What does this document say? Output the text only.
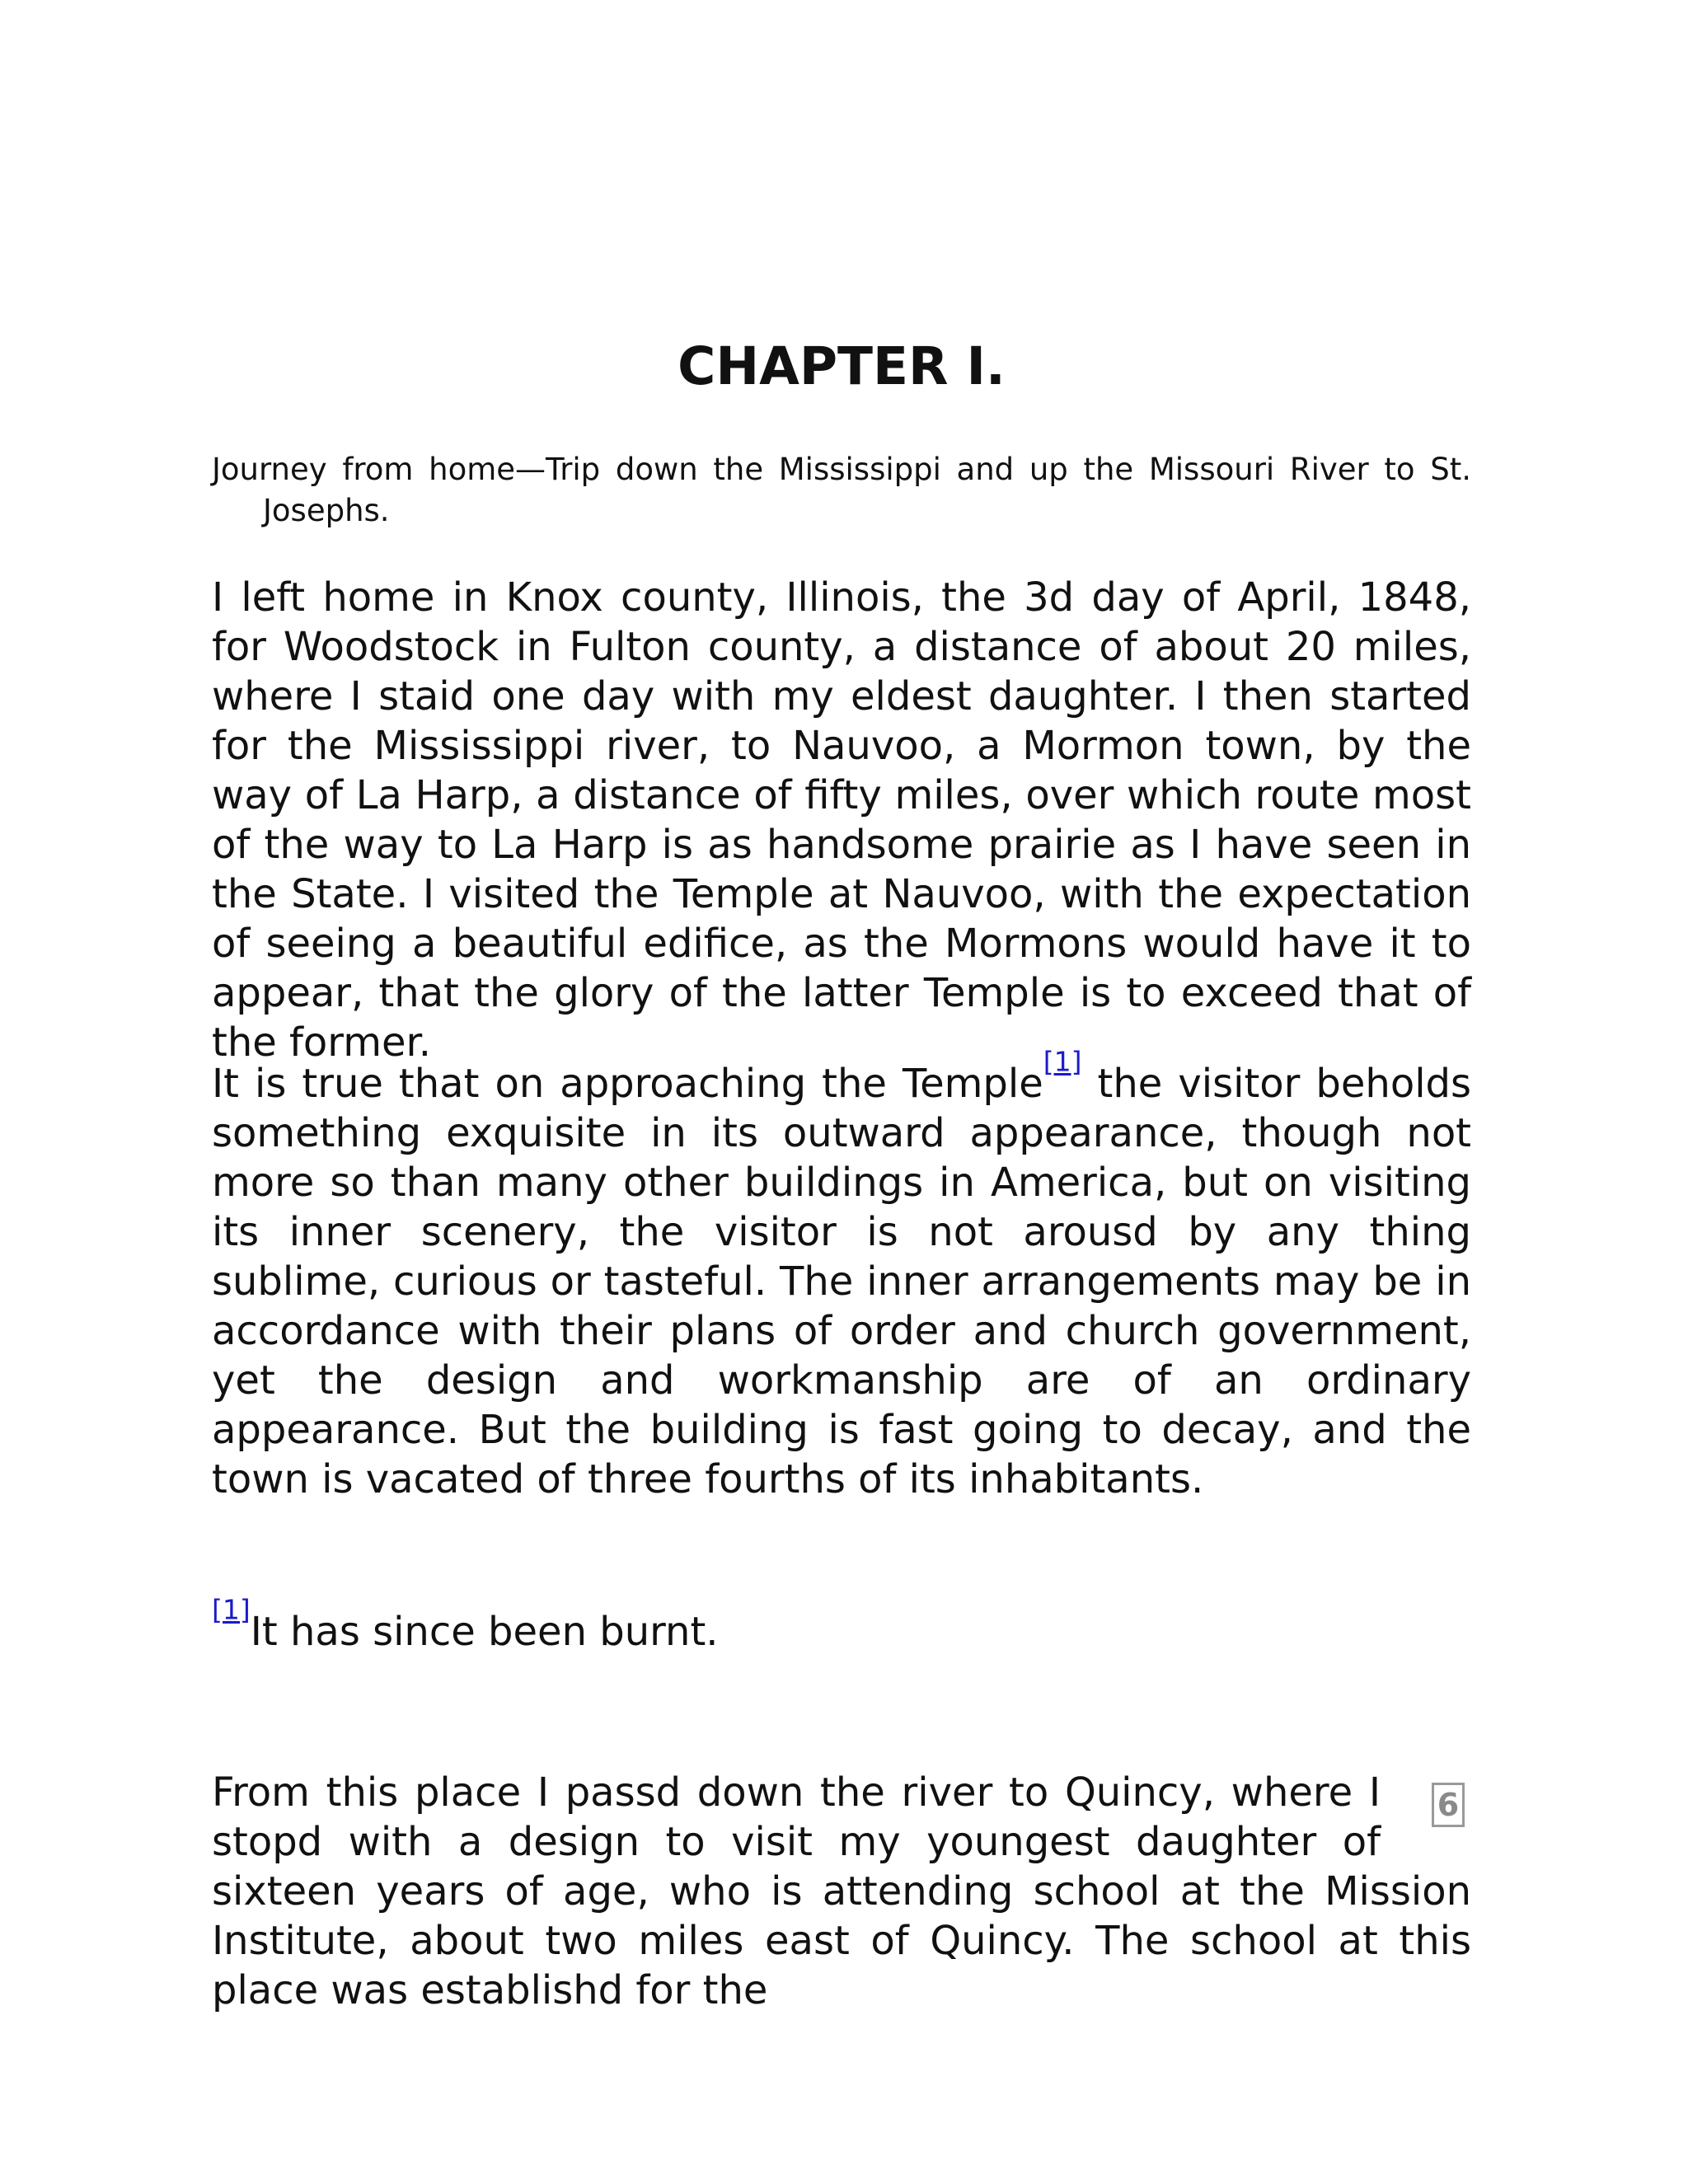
CHAPTER I.

Journey from home—Trip down the Mississippi and up the Missouri River to St. Josephs.

I left home in Knox county, Illinois, the 3d day of April, 1848, for Woodstock in Fulton county, a distance of about 20 miles, where I staid one day with my eldest daughter. I then started for the Mississippi river, to Nauvoo, a Mormon town, by the way of La Harp, a distance of fifty miles, over which route most of the way to La Harp is as handsome prairie as I have seen in the State. I visited the Temple at Nauvoo, with the expectation of seeing a beautiful edifice, as the Mormons would have it to appear, that the glory of the latter Temple is to exceed that of the former.

It is true that on approaching the Temple[1] the visitor beholds something exquisite in its outward appearance, though not more so than many other buildings in America, but on visiting its inner scenery, the visitor is not arousd by any thing sublime, curious or tasteful. The inner arrangements may be in accordance with their plans of order and church government, yet the design and workmanship are of an ordinary appearance. But the building is fast going to decay, and the town is vacated of three fourths of its inhabitants.

[1]It has since been burnt.

From this place I passd down the river to Quincy, where I stopd with a design to visit my youngest daughter of sixteen years of age, who is attending school at the Mission Institute, about two miles east of Quincy. The school at this place was establishd for the

6
